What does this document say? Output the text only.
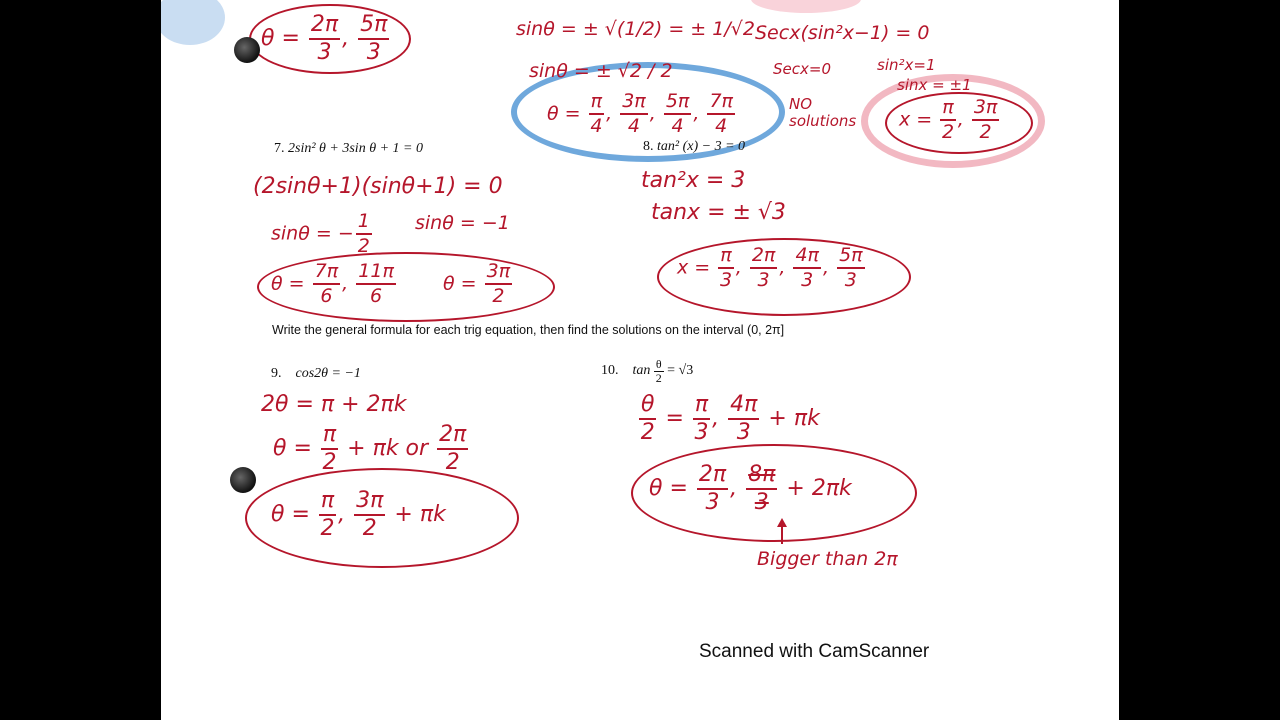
$\theta = \frac{2\pi}{3}$ , $\frac{5\pi}{3}$	sinθ = ± √(1/2) = ± 1/√2
sinθ = ± √2 / 2
$\theta = \frac{\pi}{4}$ , $\frac{3\pi}{4}$ , $\frac{5\pi}{4}$ , $\frac{7\pi}{4}$
Secx(sin²x−1) = 0
Secx=0	sin²x=1
sinx = ±1
NO solutions	$x = \frac{\pi}{2}$ , $\frac{3\pi}{2}$
7. 2sin² θ + 3sin θ + 1 = 0
(2sinθ+1)(sinθ+1) = 0
sinθ = − $\frac{1}{2}$ sinθ = −1
$\theta = \frac{7\pi}{6}$ , $\frac{11\pi}{6}$ $\theta = \frac{3\pi}{2}$
8. tan² (x) − 3 = 0
tan²x = 3
tanx = ± √3
$x = \frac{\pi}{3}$ , $\frac{2\pi}{3}$ , $\frac{4\pi}{3}$ , $\frac{5\pi}{3}$
Write the general formula for each trig equation, then find the solutions on the interval (0, 2π]
9. cos2θ = −1
2θ = π + 2πk
$\theta = \frac{\pi}{2} + \pi k$ or $\frac{2\pi}{2}$
$\theta = \frac{\pi}{2}$ , $\frac{3\pi}{2} + \pi k$
10. $\tan \frac{\theta}{2} = √3$
$\frac{\theta}{2} = \frac{\pi}{3}$ , $\frac{4\pi}{3} + \pi k$
$\theta = \frac{2\pi}{3}$ , $\frac{8\pi}{3} + 2\pi k$
Bigger than 2π
Scanned with CamScanner
